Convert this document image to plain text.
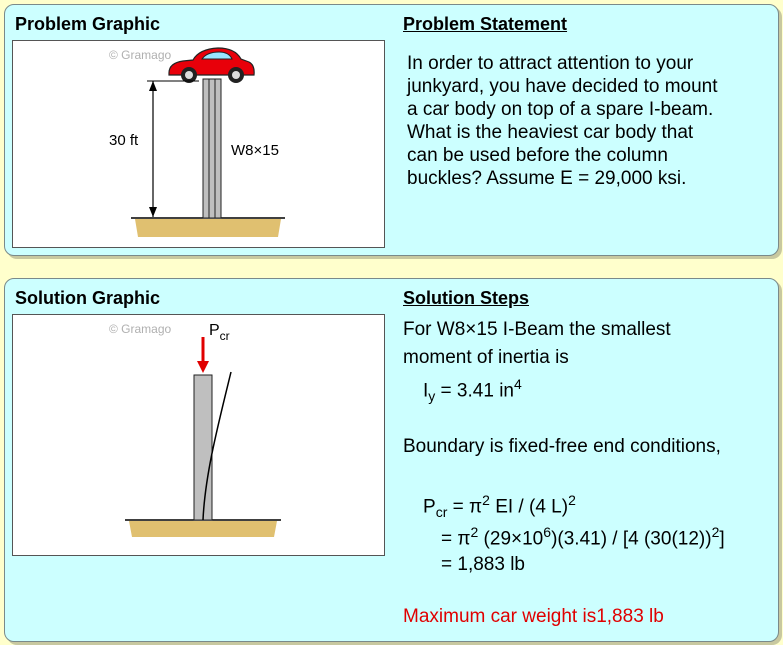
Problem Graphic	Problem Statement
30 ft
W8×15
© Gramago	In order to attract attention to your
junkyard, you have decided to mount
a car body on top of a spare I-beam.
What is the heaviest car body that
can be used before the column
buckles? Assume E = 29,000 ksi.
Solution Graphic	Solution Steps
$P_{cr}$
© Gramago	For W8×15 I-Beam the smallest
moment of inertia is
$I_y = 3.41$ $in^4$
Boundary is fixed-free end conditions,
$P_{cr} = \pi^2$ EI / (4 L)$^2$
= $\pi^2$ $(29\times 10^6)(3.41) / [4$ $(30(12))^2$]
= 1,883 lb
Maximum car weight is1,883 lb
